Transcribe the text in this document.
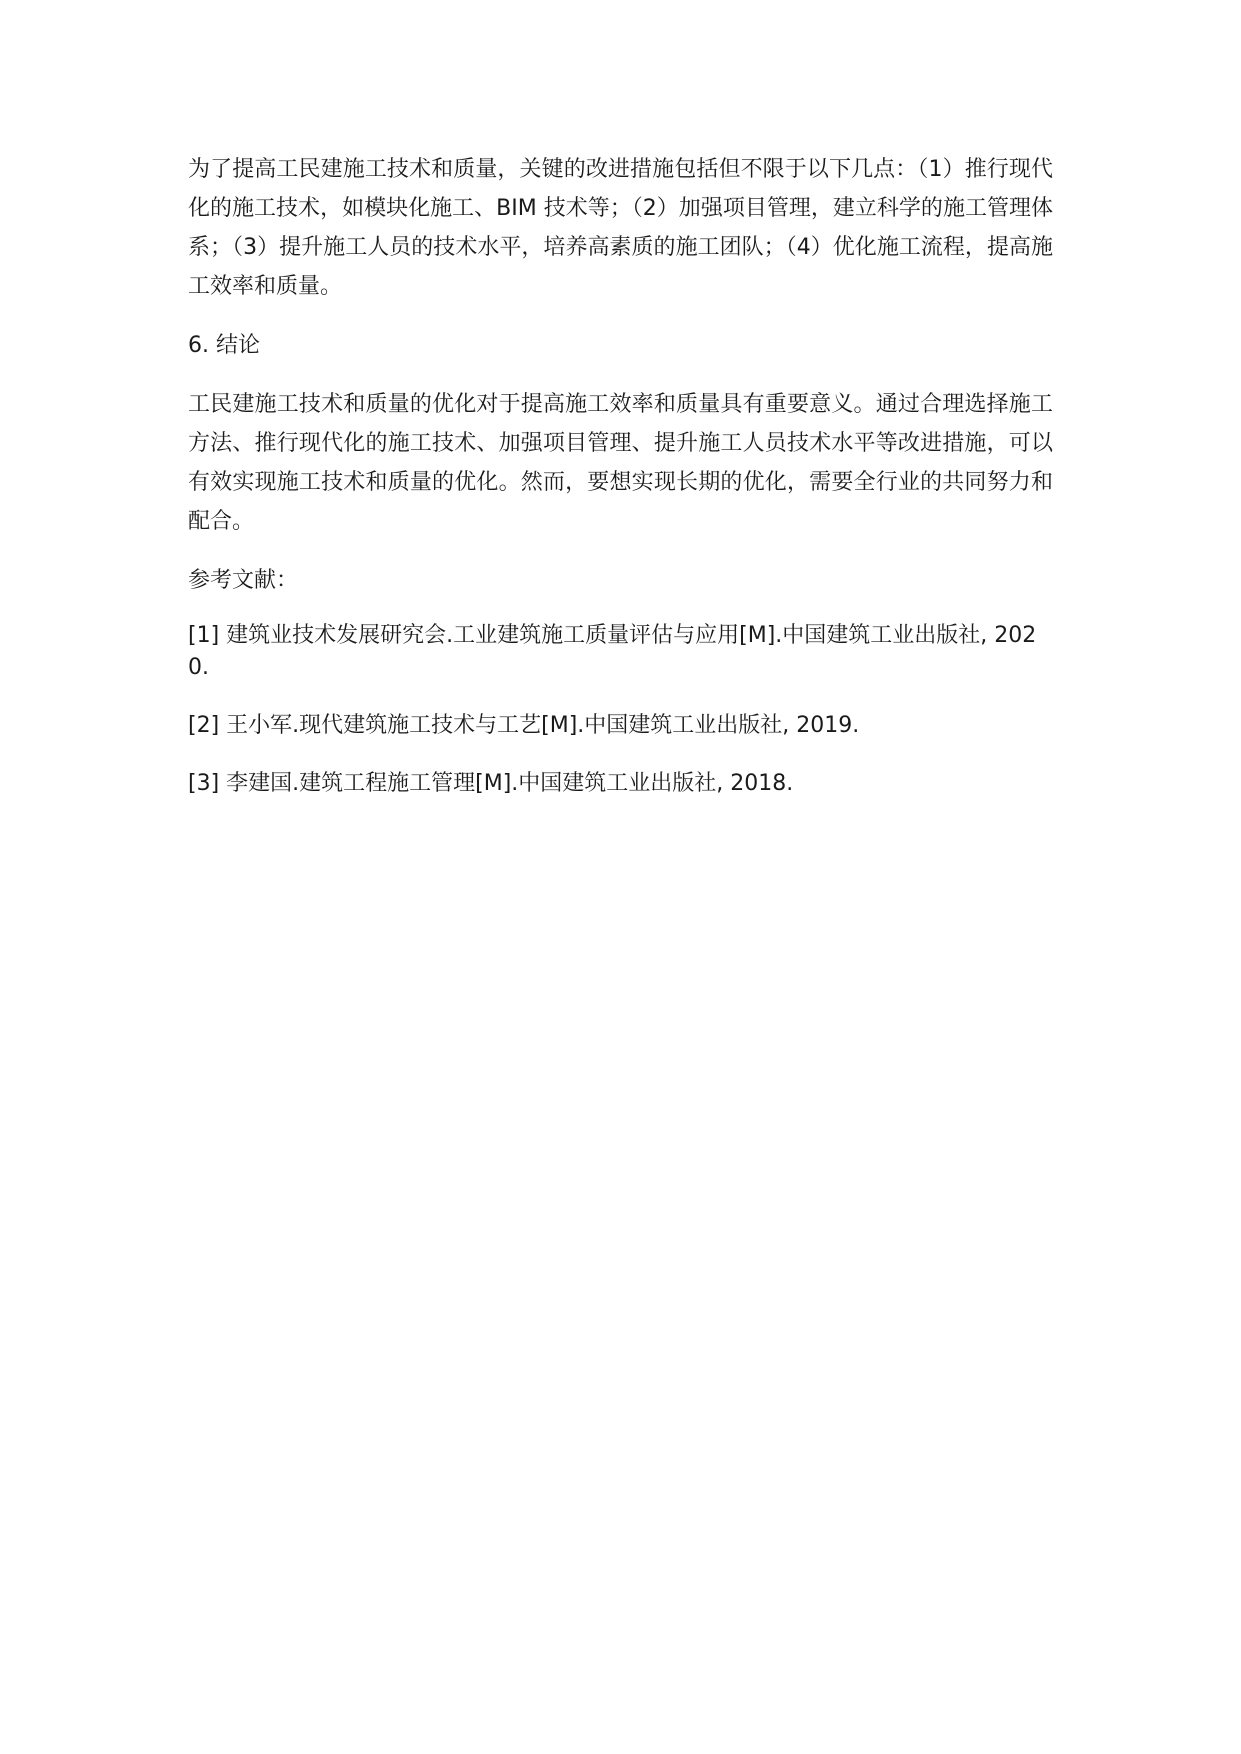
为了提高工民建施工技术和质量，关键的改进措施包括但不限于以下几点：（1）推行现代化的施工技术，如模块化施工、BIM 技术等；（2）加强项目管理，建立科学的施工管理体系；（3）提升施工人员的技术水平，培养高素质的施工团队；（4）优化施工流程，提高施工效率和质量。

6. 结论

工民建施工技术和质量的优化对于提高施工效率和质量具有重要意义。通过合理选择施工方法、推行现代化的施工技术、加强项目管理、提升施工人员技术水平等改进措施，可以有效实现施工技术和质量的优化。然而，要想实现长期的优化，需要全行业的共同努力和配合。

参考文献：

[1] 建筑业技术发展研究会.工业建筑施工质量评估与应用[M].中国建筑工业出版社, 2020.

[2] 王小军.现代建筑施工技术与工艺[M].中国建筑工业出版社, 2019.

[3] 李建国.建筑工程施工管理[M].中国建筑工业出版社, 2018.
